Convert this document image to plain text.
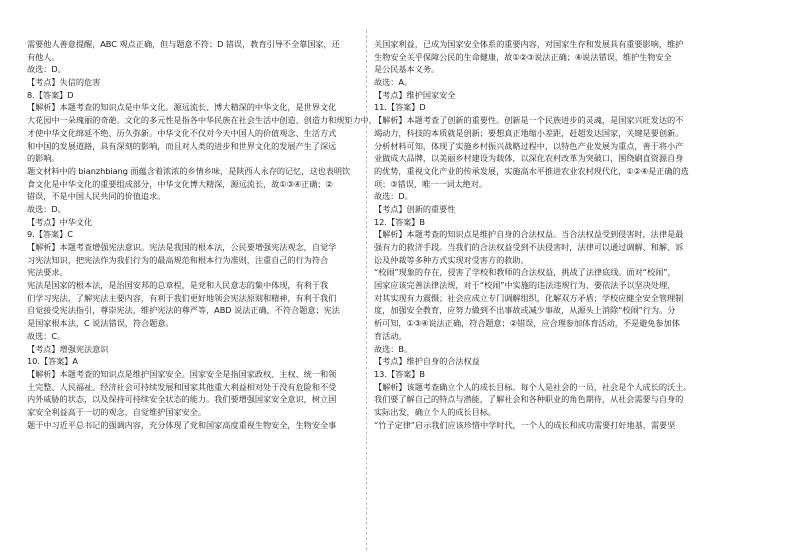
需要他人善意提醒，ABC 观点正确，但与题意不符；D 错误，教育引导不全靠国家，还
有他人。
故选：D。
【考点】失信的危害
8.【答案】D
【解析】本题考查的知识点是中华文化。源远流长、博大精深的中华文化，是世界文化
大花园中一朵瑰丽的奇葩。文化的多元性是指各中华民族在社会生活中创造、创造力和规矩力中，
才使中华文化绵延不绝、历久弥新。中华文化不仅对今天中国人的价值观念、生活方式
和中国的发展道路，具有深刻的影响，而且对人类的进步和世界文化的发展产生了深远
的影响。
题文材料中的 bianzhbiang 面蕴含着浓浓的乡情乡味，是陕西人永存的记忆，这也表明饮
食文化是中华文化的重要组成部分，中华文化博大精深，源远流长，故①③④正确；②
错误，不是中国人民共同的价值追求。
故选：D。
【考点】中华文化
9.【答案】C
【解析】本题考查增强宪法意识。宪法是我国的根本法，公民要增强宪法观念，自觉学
习宪法知识，把宪法作为我们行为的最高规范和根本行为准则，注重自己的行为符合
宪法要求。
宪法是国家的根本法，是治国安邦的总章程，是党和人民意志的集中体现，有利于我
们学习宪法，了解宪法主要内容，有利于我们更好地领会宪法原则和精神，有利于我们
自觉接受宪法指引，尊崇宪法，维护宪法的尊严等，ABD 说法正确，不符合题意；宪法
是国家根本法，C 说法错误，符合题意。
故选：C。
【考点】增强宪法意识
10.【答案】A
【解析】本题考查的知识点是维护国家安全。国家安全是指国家政权、主权、统一和领
土完整、人民福祉、经济社会可持续发展和国家其他重大利益相对处于没有危险和不受
内外威胁的状态，以及保持可持续安全状态的能力。我们要增强国家安全意识，树立国
家安全利益高于一切的观念，自觉维护国家安全。
题干中习近平总书记的强调内容，充分体现了党和国家高度重视生物安全，生物安全事
关国家利益，已成为国家安全体系的重要内容，对国家生存和发展具有重要影响，维护
生物安全关乎保障公民的生命健康，故①②③说法正确；④说法错误，维护生物安全
是公民基本义务。
故选：A。
【考点】维护国家安全
11.【答案】D
【解析】本题考查了创新的重要性。创新是一个民族进步的灵魂，是国家兴旺发达的不
竭动力，科技的本质就是创新；要想真正地缩小差距，赶超发达国家，关键是要创新。
分析材料可知，体现了实施乡村振兴战略过程中，以特色产业发展为重点，善于将小产
业做成大品牌，以美丽乡村建设为载体，以深化农村改革为突破口，围绕刷直资源自身
的优势，重视文化产业的传承发展，实施高水平推进农业农村现代化，①②④是正确的选
项；③错误，唯一一词太绝对。
故选：D。
【考点】创新的重要性
12.【答案】B
【解析】本题考查的知识点是维护自身的合法权益。当合法权益受到侵害时，法律是最
强有力的救济手段。当我们的合法权益受到不法侵害时，法律可以通过调解、和解、诉
讼及仲裁等多种方式实现对受害方的救助。
“校闹”现象的存在，侵害了学校和教师的合法权益，挑战了法律底线。面对“校闹”，
国家应该完善法律法规，对于“校闹”中实施的违法违规行为，要依法予以坚决处理，
对其实现有力震慑；社会应成立专门调解组织，化解双方矛盾；学校应健全安全管理制
度，加强安全教育，应努力做到不出事故或减少事故，从源头上消除“校闹”行为。分
析可知，①③④说法正确，符合题意；②错误，应合理参加体育活动，不是避免参加体
育活动。
故选：B。
【考点】维护自身的合法权益
13.【答案】B
【解析】该题考查确立个人的成长目标。每个人是社会的一员，社会是个人成长的沃土。
我们要了解自己的特点与潜能，了解社会和各种职业的角色期待，从社会需要与自身的
实际出发，确立个人的成长目标。
“竹子定律”启示我们应该珍惜中学时代，一个人的成长和成功需要打好地基，需要坚
